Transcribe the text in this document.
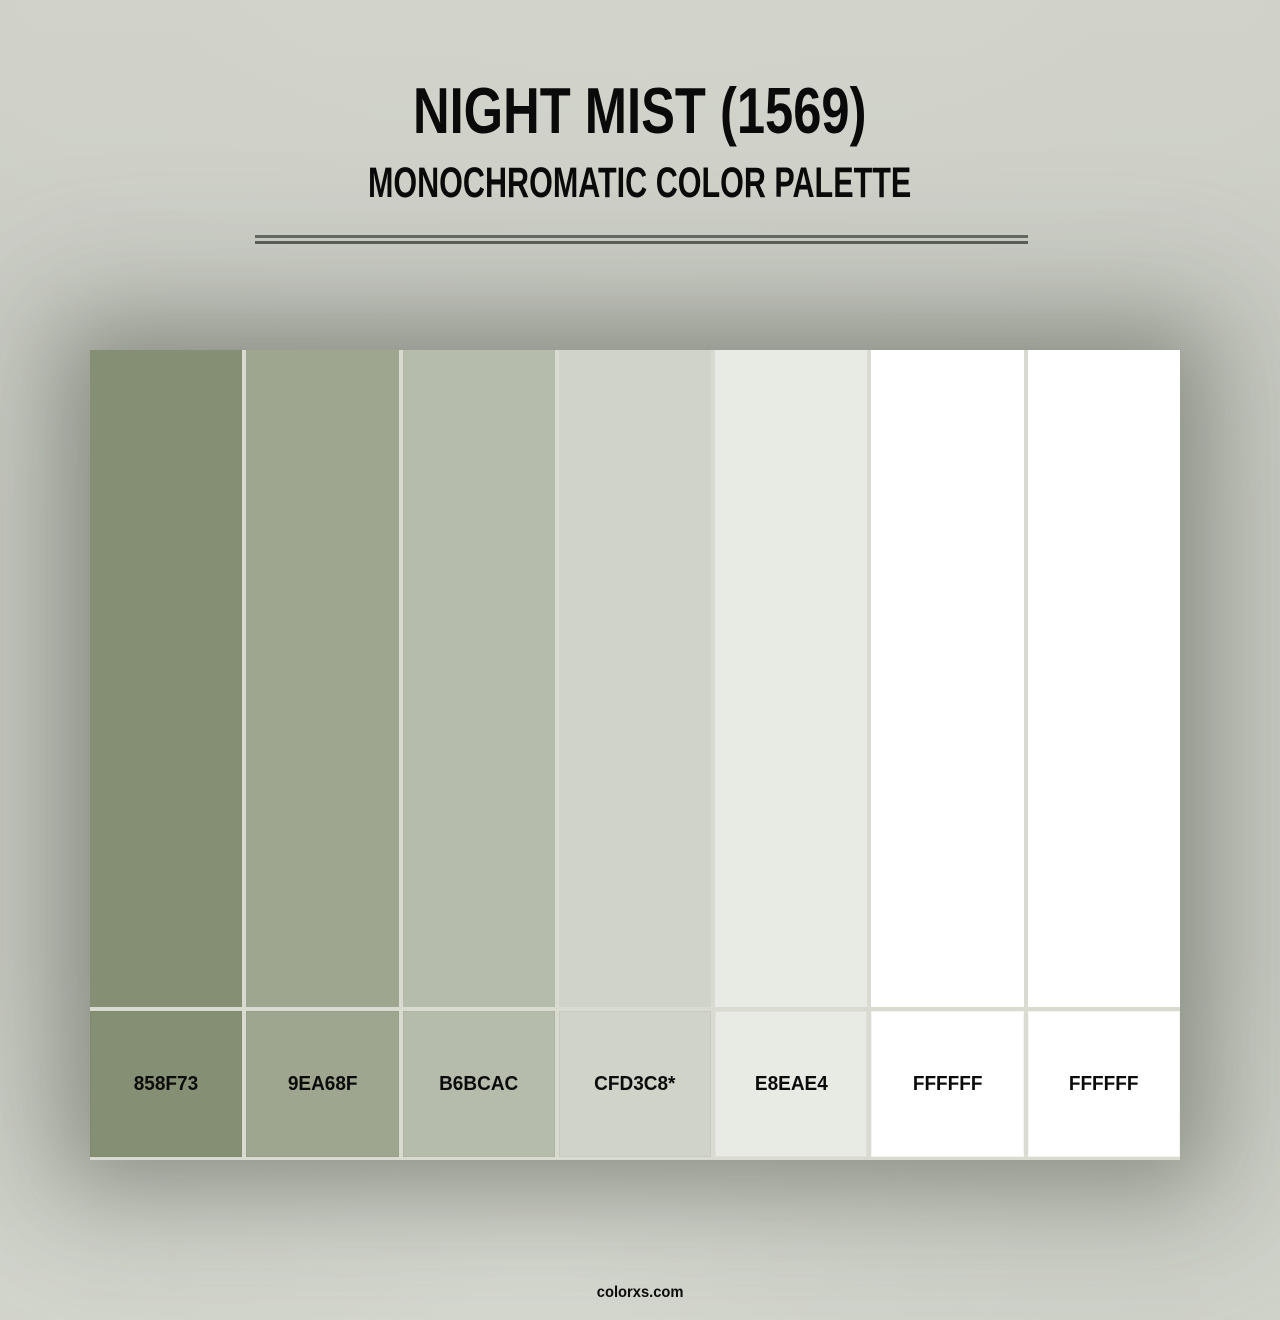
NIGHT MIST (1569)
MONOCHROMATIC COLOR PALETTE
858F73	9EA68F	B6BCAC	CFD3C8*	E8EAE4	FFFFFF	FFFFFF
colorxs.com
